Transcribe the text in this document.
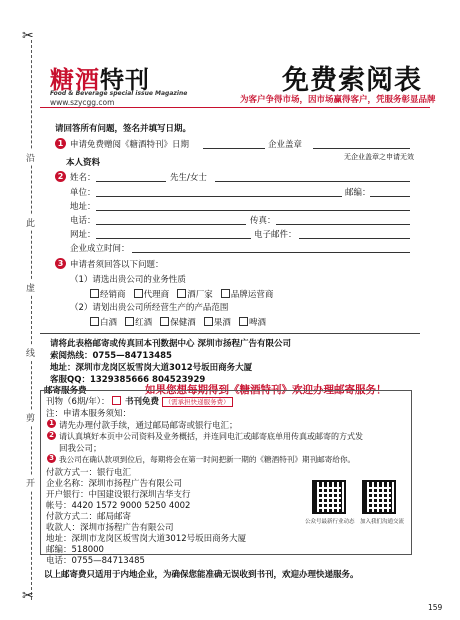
✂
✂
沿
此
虚
线
剪
开
糖酒特刊
Food & Beverage special issue Magazine
www.szycgg.com
免费索阅表
为客户争得市场，因市场赢得客户，凭服务彰显品牌
请回答所有问题，签名并填写日期。
1 申请免费赠阅《糖酒特刊》日期	企业盖章
无企业盖章之申请无效
本人资料
2 姓名：	先生/女士
单位：	邮编：
地址：
电话：	传真：
网址：	电子邮件：
企业成立时间：
3 申请者须回答以下问题：
（1）请选出贵公司的业务性质
经销商 代理商 酒厂家 品牌运营商
（2）请划出贵公司所经营生产的产品范围
白酒 红酒 保健酒 果酒 啤酒
请将此表格邮寄或传真回本刊数据中心 深圳市扬程广告有限公司
索阅热线：0755—84713485
地址：深圳市龙岗区坂雪岗大道3012号坂田商务大厦
客服QQ：1329385666 804523929
邮寄服务费	如果您想每期得到《糖酒特刊》欢迎办理邮寄服务！
刊物（6期/年）： 书刊免费 （需承担快递服务费）
注：申请本服务须知：
1 请先办理付款手续，通过邮局邮寄或银行电汇；
2 请认真填好本页中公司资料及业务概括，并连同电汇或邮寄底单用传真或邮寄的方式发
回我公司；
3 我公司在确认款项到位后，每期将会在第一时间把新一期的《糖酒特刊》期刊邮寄给你。
付款方式一：银行电汇
企业名称：深圳市扬程广告有限公司
开户银行：中国建设银行深圳吉华支行
帐号：4420 1572 9000 5250 4002
付款方式二：邮局邮寄
收款人：深圳市扬程广告有限公司
地址：深圳市龙岗区坂雪岗大道3012号坂田商务大厦
邮编：518000
电话：0755—84713485
公众号最新行业动态 加入我们沟通交流
以上邮寄费只适用于内地企业，为确保您能准确无误收到书刊，欢迎办理快递服务。
159
